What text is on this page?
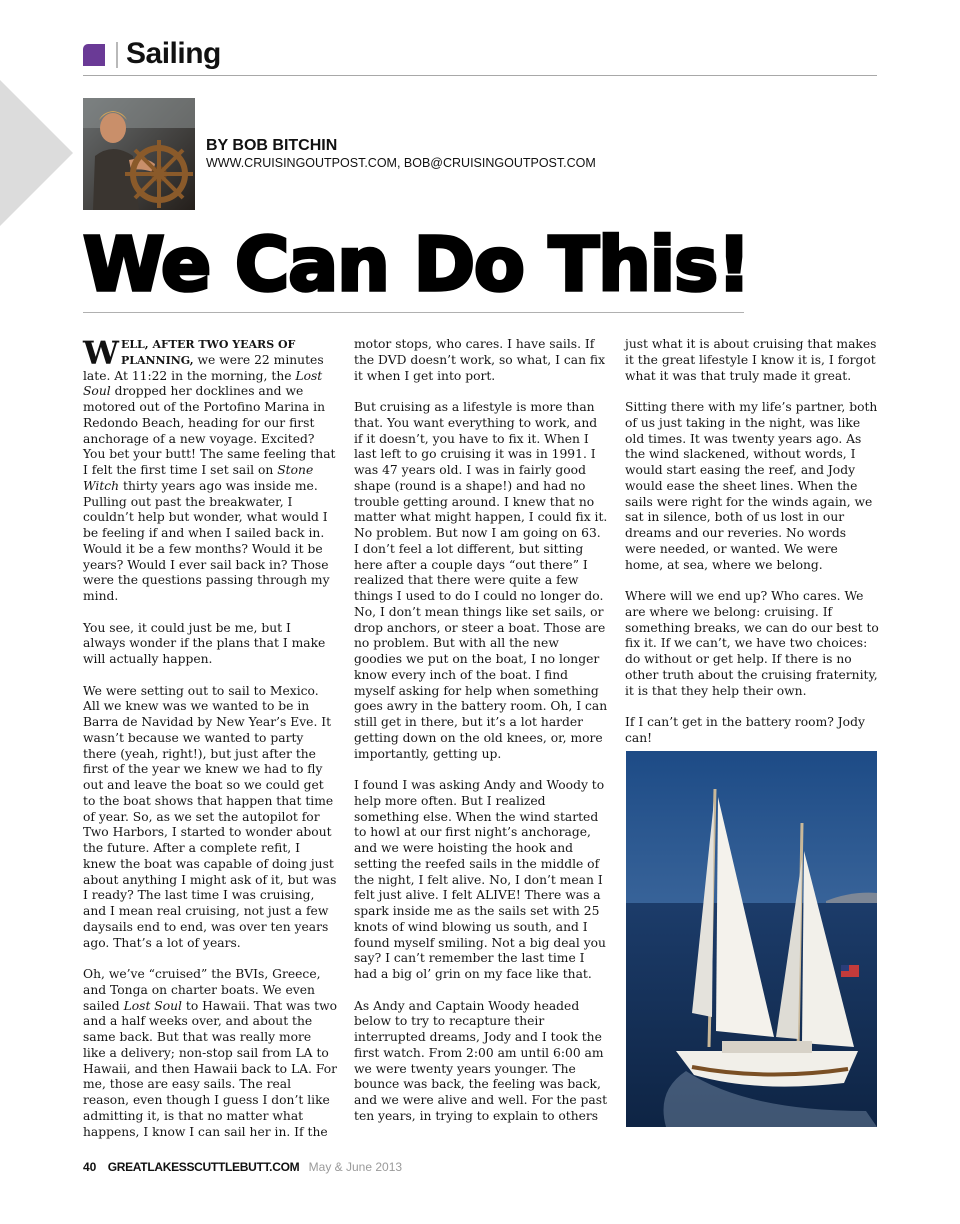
Sailing
BY BOB BITCHIN
WWW.CRUISINGOUTPOST.COM, BOB@CRUISINGOUTPOST.COM
We Can Do This!

WELL, AFTER TWO YEARS OF PLANNING, we were 22 minutes late. At 11:22 in the morning, the Lost Soul dropped her docklines and we motored out of the Portofino Marina in Redondo Beach, heading for our first anchorage of a new voyage. Excited? You bet your butt! The same feeling that I felt the first time I set sail on Stone Witch thirty years ago was inside me. Pulling out past the breakwater, I couldn’t help but wonder, what would I be feeling if and when I sailed back in. Would it be a few months? Would it be years? Would I ever sail back in? Those were the questions passing through my mind.

You see, it could just be me, but I always wonder if the plans that I make will actually happen.

We were setting out to sail to Mexico. All we knew was we wanted to be in Barra de Navidad by New Year’s Eve. It wasn’t because we wanted to party there (yeah, right!), but just after the first of the year we knew we had to fly out and leave the boat so we could get to the boat shows that happen that time of year. So, as we set the autopilot for Two Harbors, I started to wonder about the future. After a complete refit, I knew the boat was capable of doing just about anything I might ask of it, but was I ready? The last time I was cruising, and I mean real cruising, not just a few daysails end to end, was over ten years ago. That’s a lot of years.

Oh, we’ve “cruised” the BVIs, Greece, and Tonga on charter boats. We even sailed Lost Soul to Hawaii. That was two and a half weeks over, and about the same back. But that was really more like a delivery; non-stop sail from LA to Hawaii, and then Hawaii back to LA. For me, those are easy sails. The real reason, even though I guess I don’t like admitting it, is that no matter what happens, I know I can sail her in. If the

motor stops, who cares. I have sails. If the DVD doesn’t work, so what, I can fix it when I get into port.

But cruising as a lifestyle is more than that. You want everything to work, and if it doesn’t, you have to fix it. When I last left to go cruising it was in 1991. I was 47 years old. I was in fairly good shape (round is a shape!) and had no trouble getting around. I knew that no matter what might happen, I could fix it. No problem. But now I am going on 63. I don’t feel a lot different, but sitting here after a couple days “out there” I realized that there were quite a few things I used to do I could no longer do. No, I don’t mean things like set sails, or drop anchors, or steer a boat. Those are no problem. But with all the new goodies we put on the boat, I no longer know every inch of the boat. I find myself asking for help when something goes awry in the battery room. Oh, I can still get in there, but it’s a lot harder getting down on the old knees, or, more importantly, getting up.

I found I was asking Andy and Woody to help more often. But I realized something else. When the wind started to howl at our first night’s anchorage, and we were hoisting the hook and setting the reefed sails in the middle of the night, I felt alive. No, I don’t mean I felt just alive. I felt ALIVE! There was a spark inside me as the sails set with 25 knots of wind blowing us south, and I found myself smiling. Not a big deal you say? I can’t remember the last time I had a big ol’ grin on my face like that.

As Andy and Captain Woody headed below to try to recapture their interrupted dreams, Jody and I took the first watch. From 2:00 am until 6:00 am we were twenty years younger. The bounce was back, the feeling was back, and we were alive and well. For the past ten years, in trying to explain to others

just what it is about cruising that makes it the great lifestyle I know it is, I forgot what it was that truly made it great.

Sitting there with my life’s partner, both of us just taking in the night, was like old times. It was twenty years ago. As the wind slackened, without words, I would start easing the reef, and Jody would ease the sheet lines. When the sails were right for the winds again, we sat in silence, both of us lost in our dreams and our reveries. No words were needed, or wanted. We were home, at sea, where we belong.

Where will we end up? Who cares. We are where we belong: cruising. If something breaks, we can do our best to fix it. If we can’t, we have two choices: do without or get help. If there is no other truth about the cruising fraternity, it is that they help their own.

If I can’t get in the battery room? Jody can!

40 GREATLAKESSCUTTLEBUTT.COM May & June 2013
